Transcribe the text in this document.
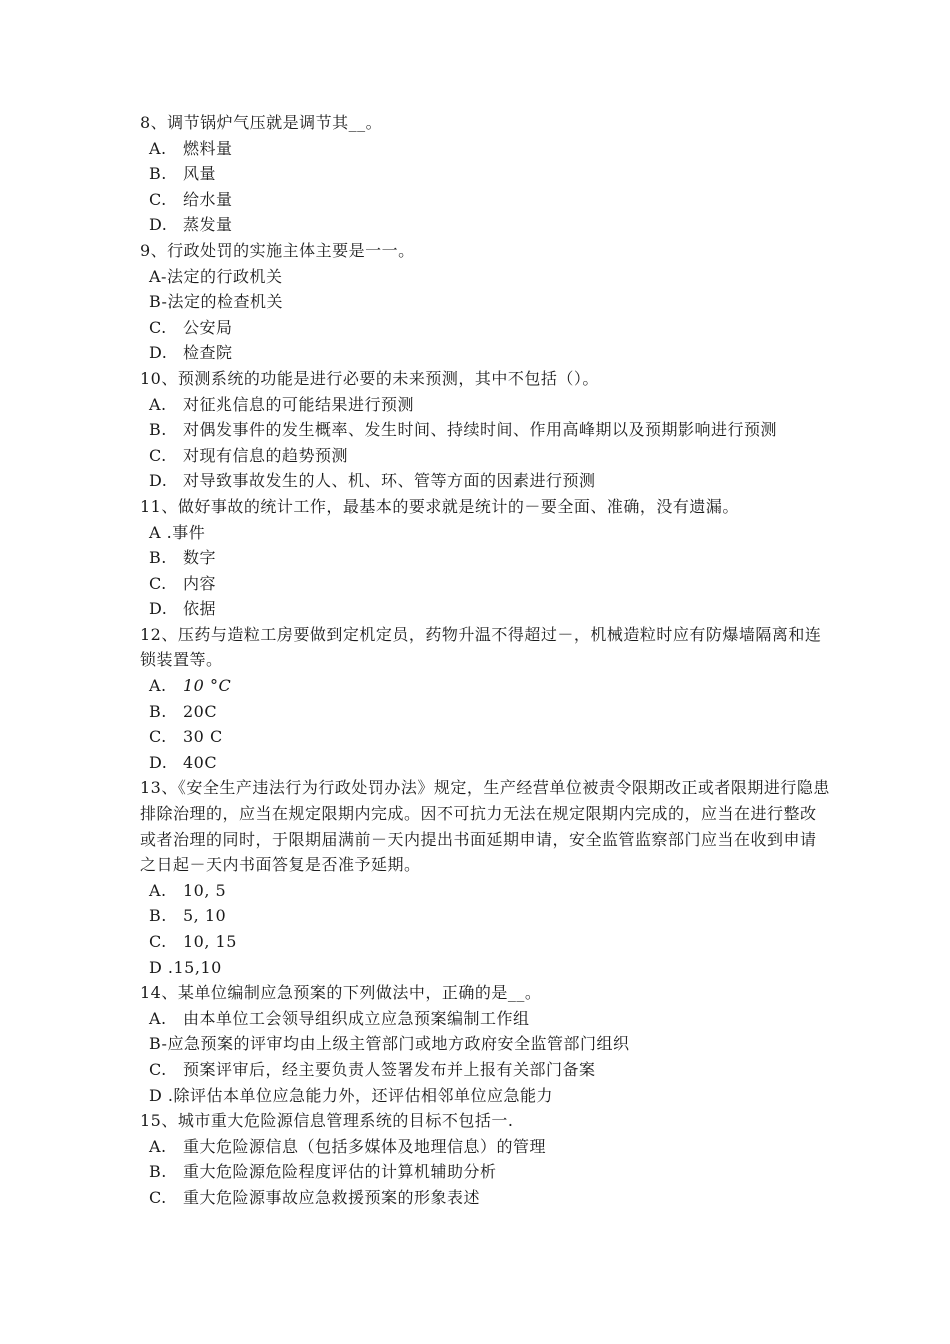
8、调节锅炉气压就是调节其__。

A. 燃料量

B. 风量

C. 给水量

D. 蒸发量

9、行政处罚的实施主体主要是一一。

A-法定的行政机关

B-法定的检查机关

C. 公安局

D. 检查院

10、预测系统的功能是进行必要的未来预测，其中不包括（）。

A. 对征兆信息的可能结果进行预测

B. 对偶发事件的发生概率、发生时间、持续时间、作用高峰期以及预期影响进行预测

C. 对现有信息的趋势预测

D. 对导致事故发生的人、机、环、管等方面的因素进行预测

11、做好事故的统计工作，最基本的要求就是统计的－要全面、准确，没有遗漏。

A .事件

B. 数字

C. 内容

D. 依据

12、压药与造粒工房要做到定机定员，药物升温不得超过－，机械造粒时应有防爆墙隔离和连锁装置等。

A. 10 °C

B. 20C

C. 30 C

D. 40C

13、《安全生产违法行为行政处罚办法》规定，生产经营单位被责令限期改正或者限期进行隐患排除治理的，应当在规定限期内完成。因不可抗力无法在规定限期内完成的，应当在进行整改或者治理的同时，于限期届满前－天内提出书面延期申请，安全监管监察部门应当在收到申请之日起－天内书面答复是否准予延期。

A. 10, 5

B. 5, 10

C. 10, 15

D .15,10

14、某单位编制应急预案的下列做法中，正确的是__。

A. 由本单位工会领导组织成立应急预案编制工作组

B-应急预案的评审均由上级主管部门或地方政府安全监管部门组织

C. 预案评审后，经主要负责人签署发布并上报有关部门备案

D .除评估本单位应急能力外，还评估相邻单位应急能力

15、城市重大危险源信息管理系统的目标不包括一.

A. 重大危险源信息（包括多媒体及地理信息）的管理

B. 重大危险源危险程度评估的计算机辅助分析

C. 重大危险源事故应急救援预案的形象表述
